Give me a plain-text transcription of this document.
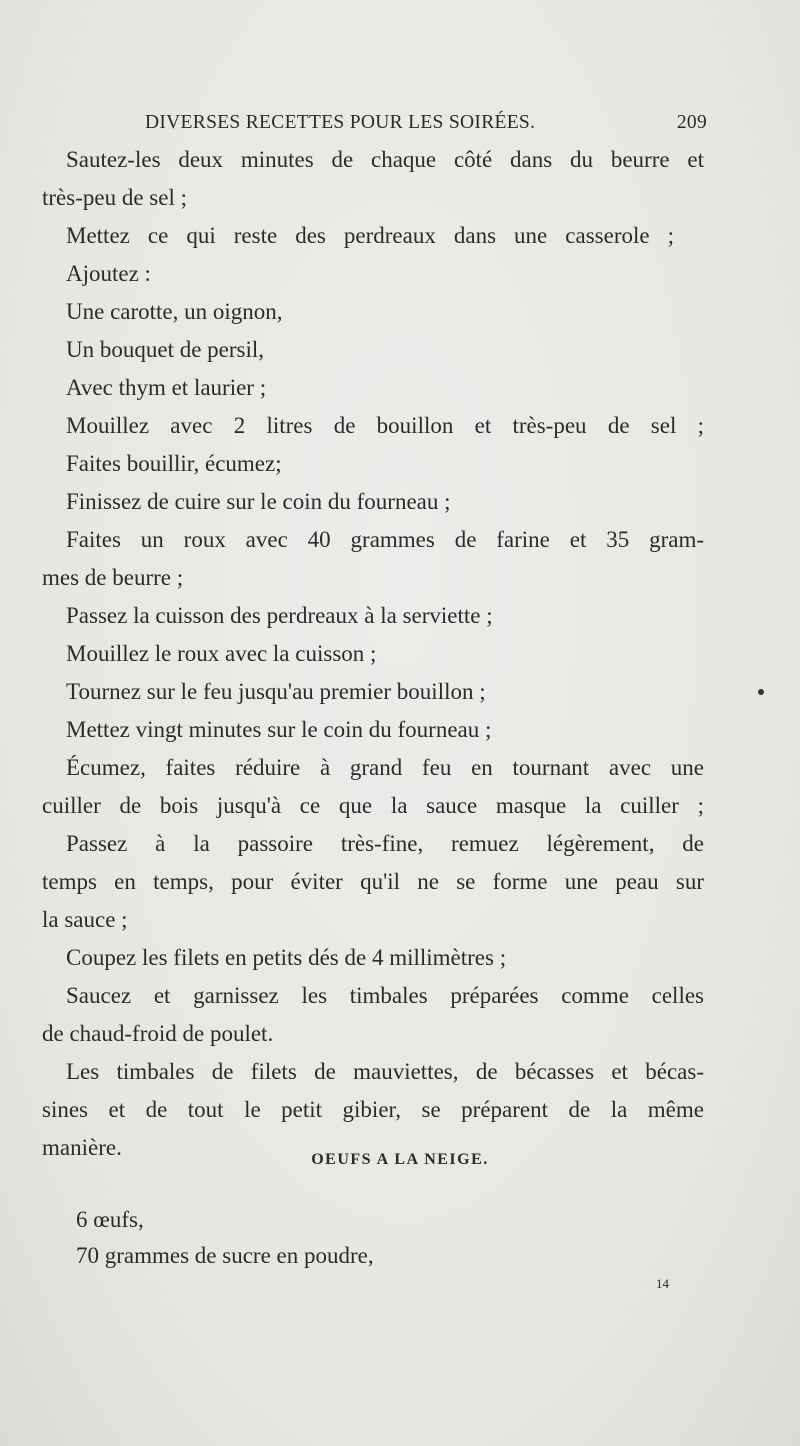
DIVERSES RECETTES POUR LES SOIRÉES.	209
Sautez-les deux minutes de chaque côté dans du beurre et
très-peu de sel ;
Mettez ce qui reste des perdreaux dans une casserole ;
Ajoutez :
Une carotte, un oignon,
Un bouquet de persil,
Avec thym et laurier ;
Mouillez avec 2 litres de bouillon et très-peu de sel ;
Faites bouillir, écumez;
Finissez de cuire sur le coin du fourneau ;
Faites un roux avec 40 grammes de farine et 35 gram-
mes de beurre ;
Passez la cuisson des perdreaux à la serviette ;
Mouillez le roux avec la cuisson ;
Tournez sur le feu jusqu'au premier bouillon ;
Mettez vingt minutes sur le coin du fourneau ;
Écumez, faites réduire à grand feu en tournant avec une
cuiller de bois jusqu'à ce que la sauce masque la cuiller ;
Passez à la passoire très-fine, remuez légèrement, de
temps en temps, pour éviter qu'il ne se forme une peau sur
la sauce ;
Coupez les filets en petits dés de 4 millimètres ;
Saucez et garnissez les timbales préparées comme celles
de chaud-froid de poulet.
Les timbales de filets de mauviettes, de bécasses et bécas-
sines et de tout le petit gibier, se préparent de la même
manière.	OEUFS A LA NEIGE.
6 œufs,
70 grammes de sucre en poudre,
14
